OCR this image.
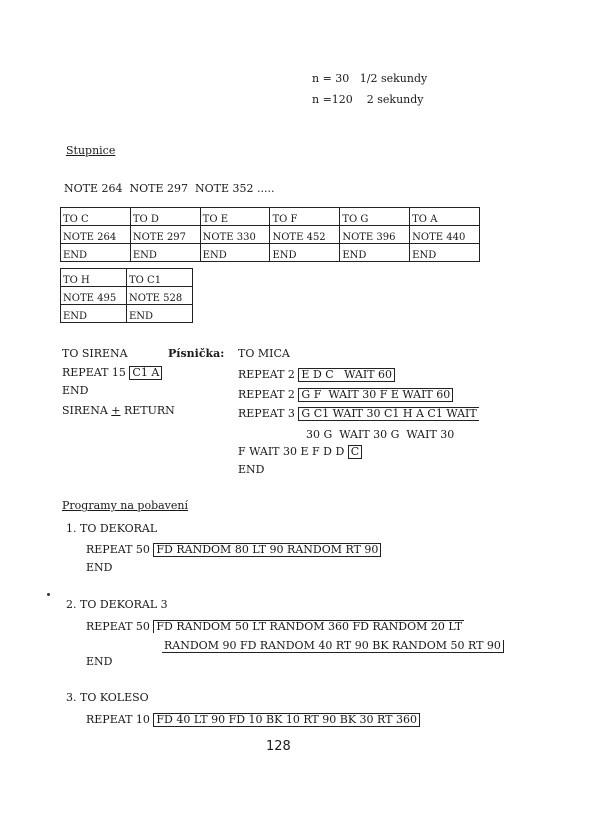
n = 30   1/2 sekundy
n =120    2 sekundy
Stupnice
NOTE 264  NOTE 297  NOTE 352 .....
TO C	TO D	TO E	TO F	TO G	TO A
NOTE 264	NOTE 297	NOTE 330	NOTE 452	NOTE 396	NOTE 440
END	END	END	END	END	END
TO H	TO C1
NOTE 495	NOTE 528
END	END
TO SIRENA
REPEAT 15 C1 A
END
SIRENA + RETURN
Písnička: TO MICA
REPEAT 2 E D C   WAIT 60
REPEAT 2 G F  WAIT 30 F E WAIT 60
REPEAT 3 G C1 WAIT 30 C1 H A C1 WAIT
30 G  WAIT 30 G  WAIT 30
F WAIT 30 E F D D C
END
Programy na pobavení
1. TO DEKORAL
REPEAT 50 FD RANDOM 80 LT 90 RANDOM RT 90
END
2. TO DEKORAL 3
REPEAT 50 FD RANDOM 50 LT RANDOM 360 FD RANDOM 20 LT
RANDOM 90 FD RANDOM 40 RT 90 BK RANDOM 50 RT 90
END
3. TO KOLESO
REPEAT 10 FD 40 LT 90 FD 10 BK 10 RT 90 BK 30 RT 360
128
